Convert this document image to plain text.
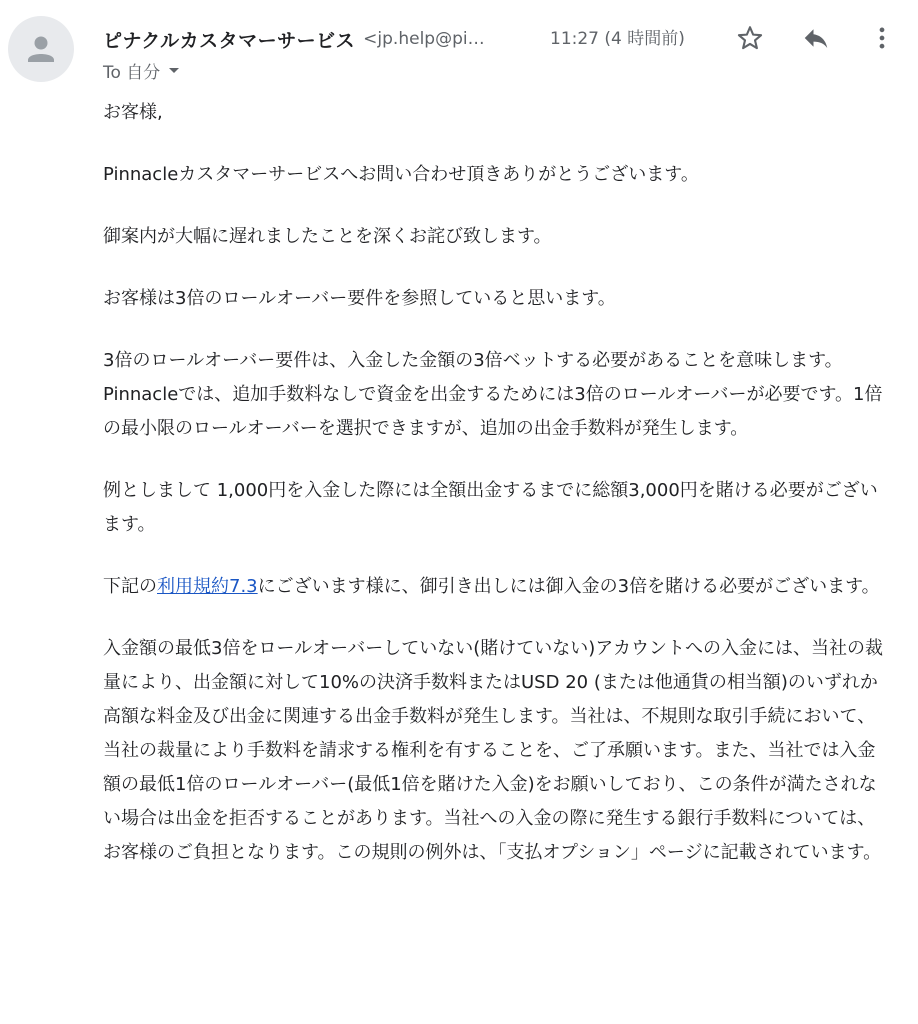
ピナクルカスタマーサービス <jp.help@pi…	11:27 (4 時間前)
To 自分

お客様,

Pinnacleカスタマーサービスへお問い合わせ頂きありがとうございます。

御案内が大幅に遅れましたことを深くお詫び致します。

お客様は3倍のロールオーバー要件を参照していると思います。

3倍のロールオーバー要件は、入金した金額の3倍ベットする必要があることを意味します。Pinnacleでは、追加手数料なしで資金を出金するためには3倍のロールオーバーが必要です。1倍の最小限のロールオーバーを選択できますが、追加の出金手数料が発生します。

例としまして 1,000円を入金した際には全額出金するまでに総額3,000円を賭ける必要がございます。

下記の利用規約7.3にございます様に、御引き出しには御入金の3倍を賭ける必要がございます。

入金額の最低3倍をロールオーバーしていない(賭けていない)アカウントへの入金には、当社の裁量により、出金額に対して10%の決済手数料またはUSD 20 (または他通貨の相当額)のいずれか高額な料金及び出金に関連する出金手数料が発生します。当社は、不規則な取引手続において、当社の裁量により手数料を請求する権利を有することを、ご了承願います。また、当社では入金額の最低1倍のロールオーバー(最低1倍を賭けた入金)をお願いしており、この条件が満たされない場合は出金を拒否することがあります。当社への入金の際に発生する銀行手数料については、お客様のご負担となります。この規則の例外は、「支払オプション」ページに記載されています。
